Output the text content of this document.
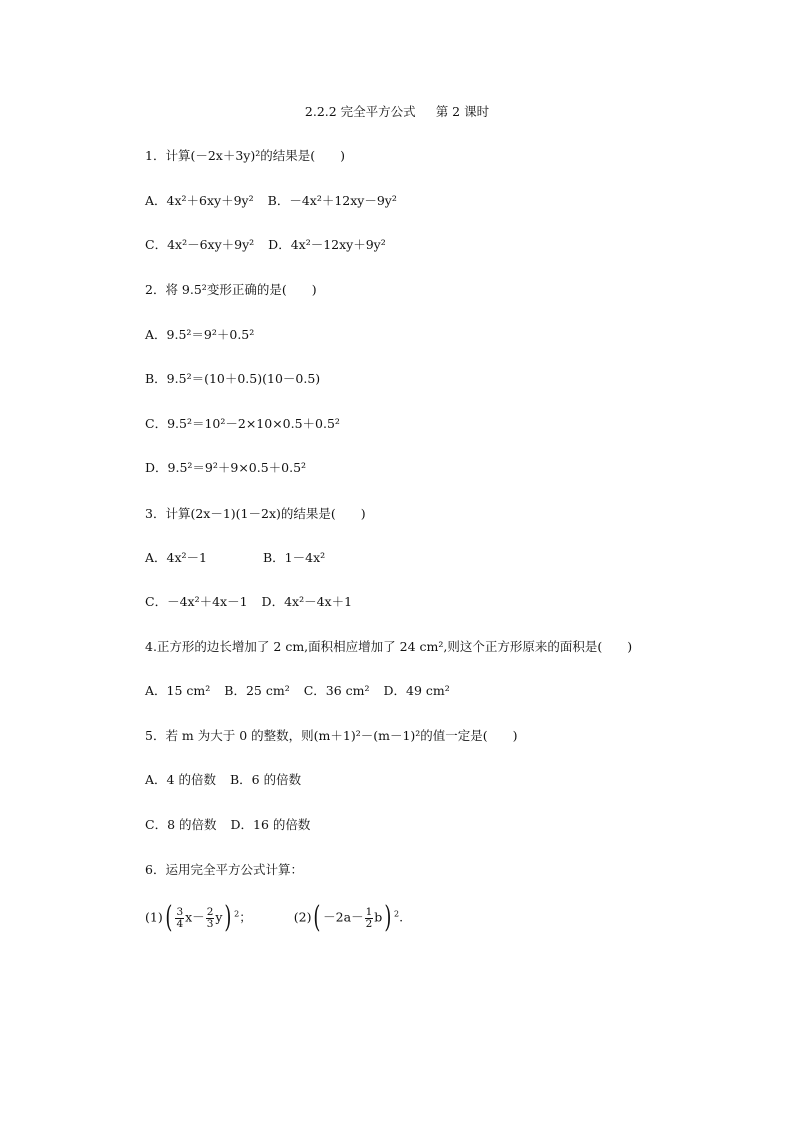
2.2.2 完全平方公式 第 2 课时
1．计算(－2x＋3y)²的结果是(　　)
A．4x²＋6xy＋9y² B．－4x²＋12xy－9y²
C．4x²－6xy＋9y² D．4x²－12xy＋9y²
2．将 9.5²变形正确的是(　　)
A．9.5²＝9²＋0.5²
B．9.5²＝(10＋0.5)(10－0.5)
C．9.5²＝10²－2×10×0.5＋0.5²
D．9.5²＝9²＋9×0.5＋0.5²
3．计算(2x－1)(1－2x)的结果是(　　)
A．4x²－1	B．1－4x²
C．－4x²＋4x－1 D．4x²－4x＋1
4.正方形的边长增加了 2 cm,面积相应增加了 24 cm²,则这个正方形原来的面积是(　　)
A．15 cm² B．25 cm² C．36 cm² D．49 cm²
5．若 m 为大于 0 的整数，则(m＋1)²－(m－1)²的值一定是(　　)
A．4 的倍数 B．6 的倍数
C．8 的倍数 D．16 的倍数
6．运用完全平方公式计算：
$(1)( \frac{3}{4} x- \frac{2}{3} y)$ $^2$；	$(2)( -2a- \frac{1}{2} b)$ $^2$.
